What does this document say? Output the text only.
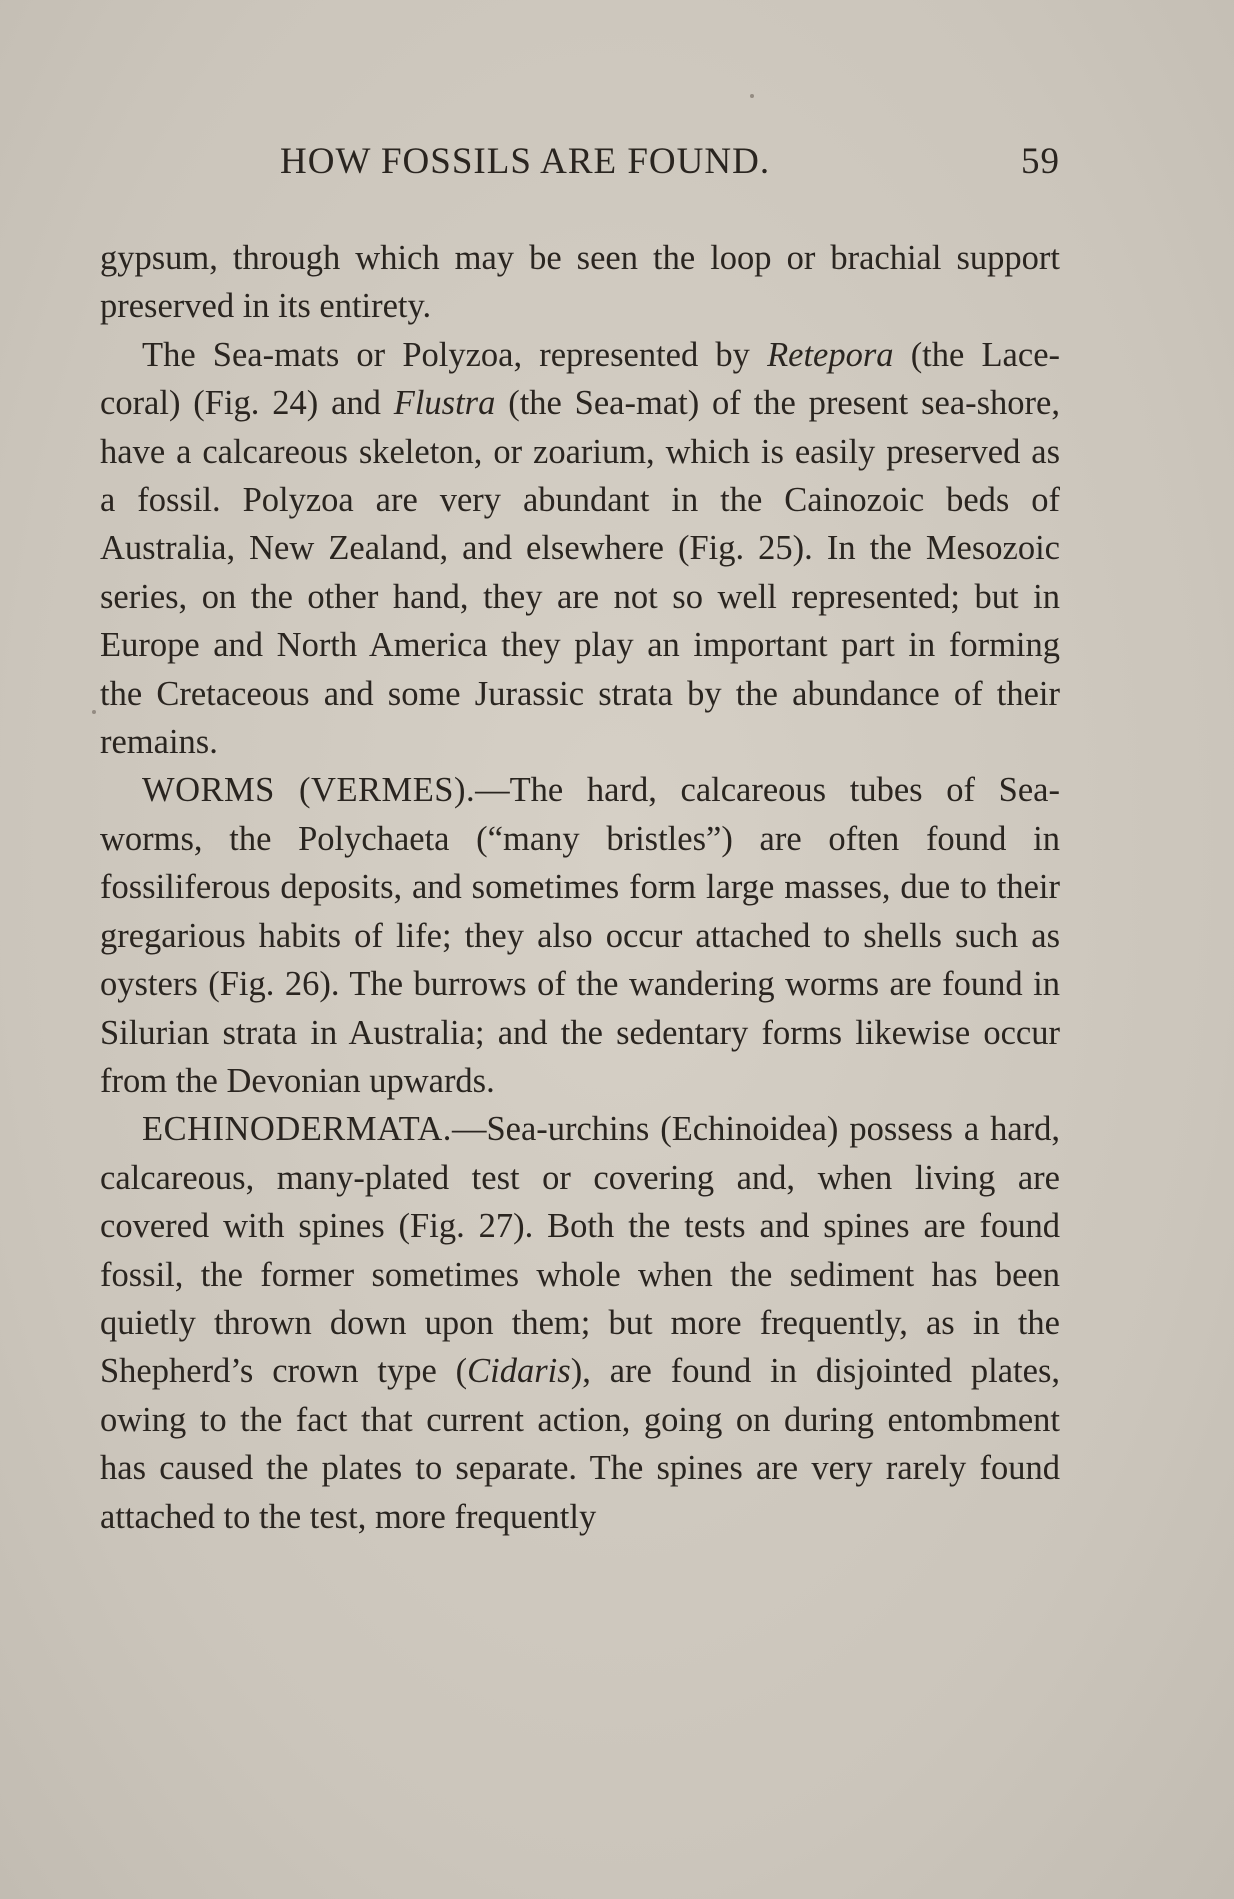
HOW FOSSILS ARE FOUND.	59

gypsum, through which may be seen the loop or brachial support preserved in its entirety.

The Sea-mats or Polyzoa, represented by Retepora (the Lace-coral) (Fig. 24) and Flustra (the Sea-mat) of the present sea-shore, have a calcareous skeleton, or zoarium, which is easily preserved as a fossil. Polyzoa are very abundant in the Cainozoic beds of Australia, New Zealand, and elsewhere (Fig. 25). In the Mesozoic series, on the other hand, they are not so well represented; but in Europe and North America they play an important part in forming the Cretaceous and some Jurassic strata by the abundance of their remains.

WORMS (VERMES).—The hard, calcareous tubes of Sea-worms, the Polychaeta (“many bristles”) are often found in fossiliferous deposits, and sometimes form large masses, due to their gregarious habits of life; they also occur attached to shells such as oysters (Fig. 26). The burrows of the wandering worms are found in Silurian strata in Australia; and the sedentary forms likewise occur from the Devonian upwards.

ECHINODERMATA.—Sea-urchins (Echinoidea) possess a hard, calcareous, many-plated test or covering and, when living are covered with spines (Fig. 27). Both the tests and spines are found fossil, the former sometimes whole when the sediment has been quietly thrown down upon them; but more frequently, as in the Shepherd’s crown type (Cidaris), are found in disjointed plates, owing to the fact that current action, going on during entombment has caused the plates to separate. The spines are very rarely found attached to the test, more frequently
